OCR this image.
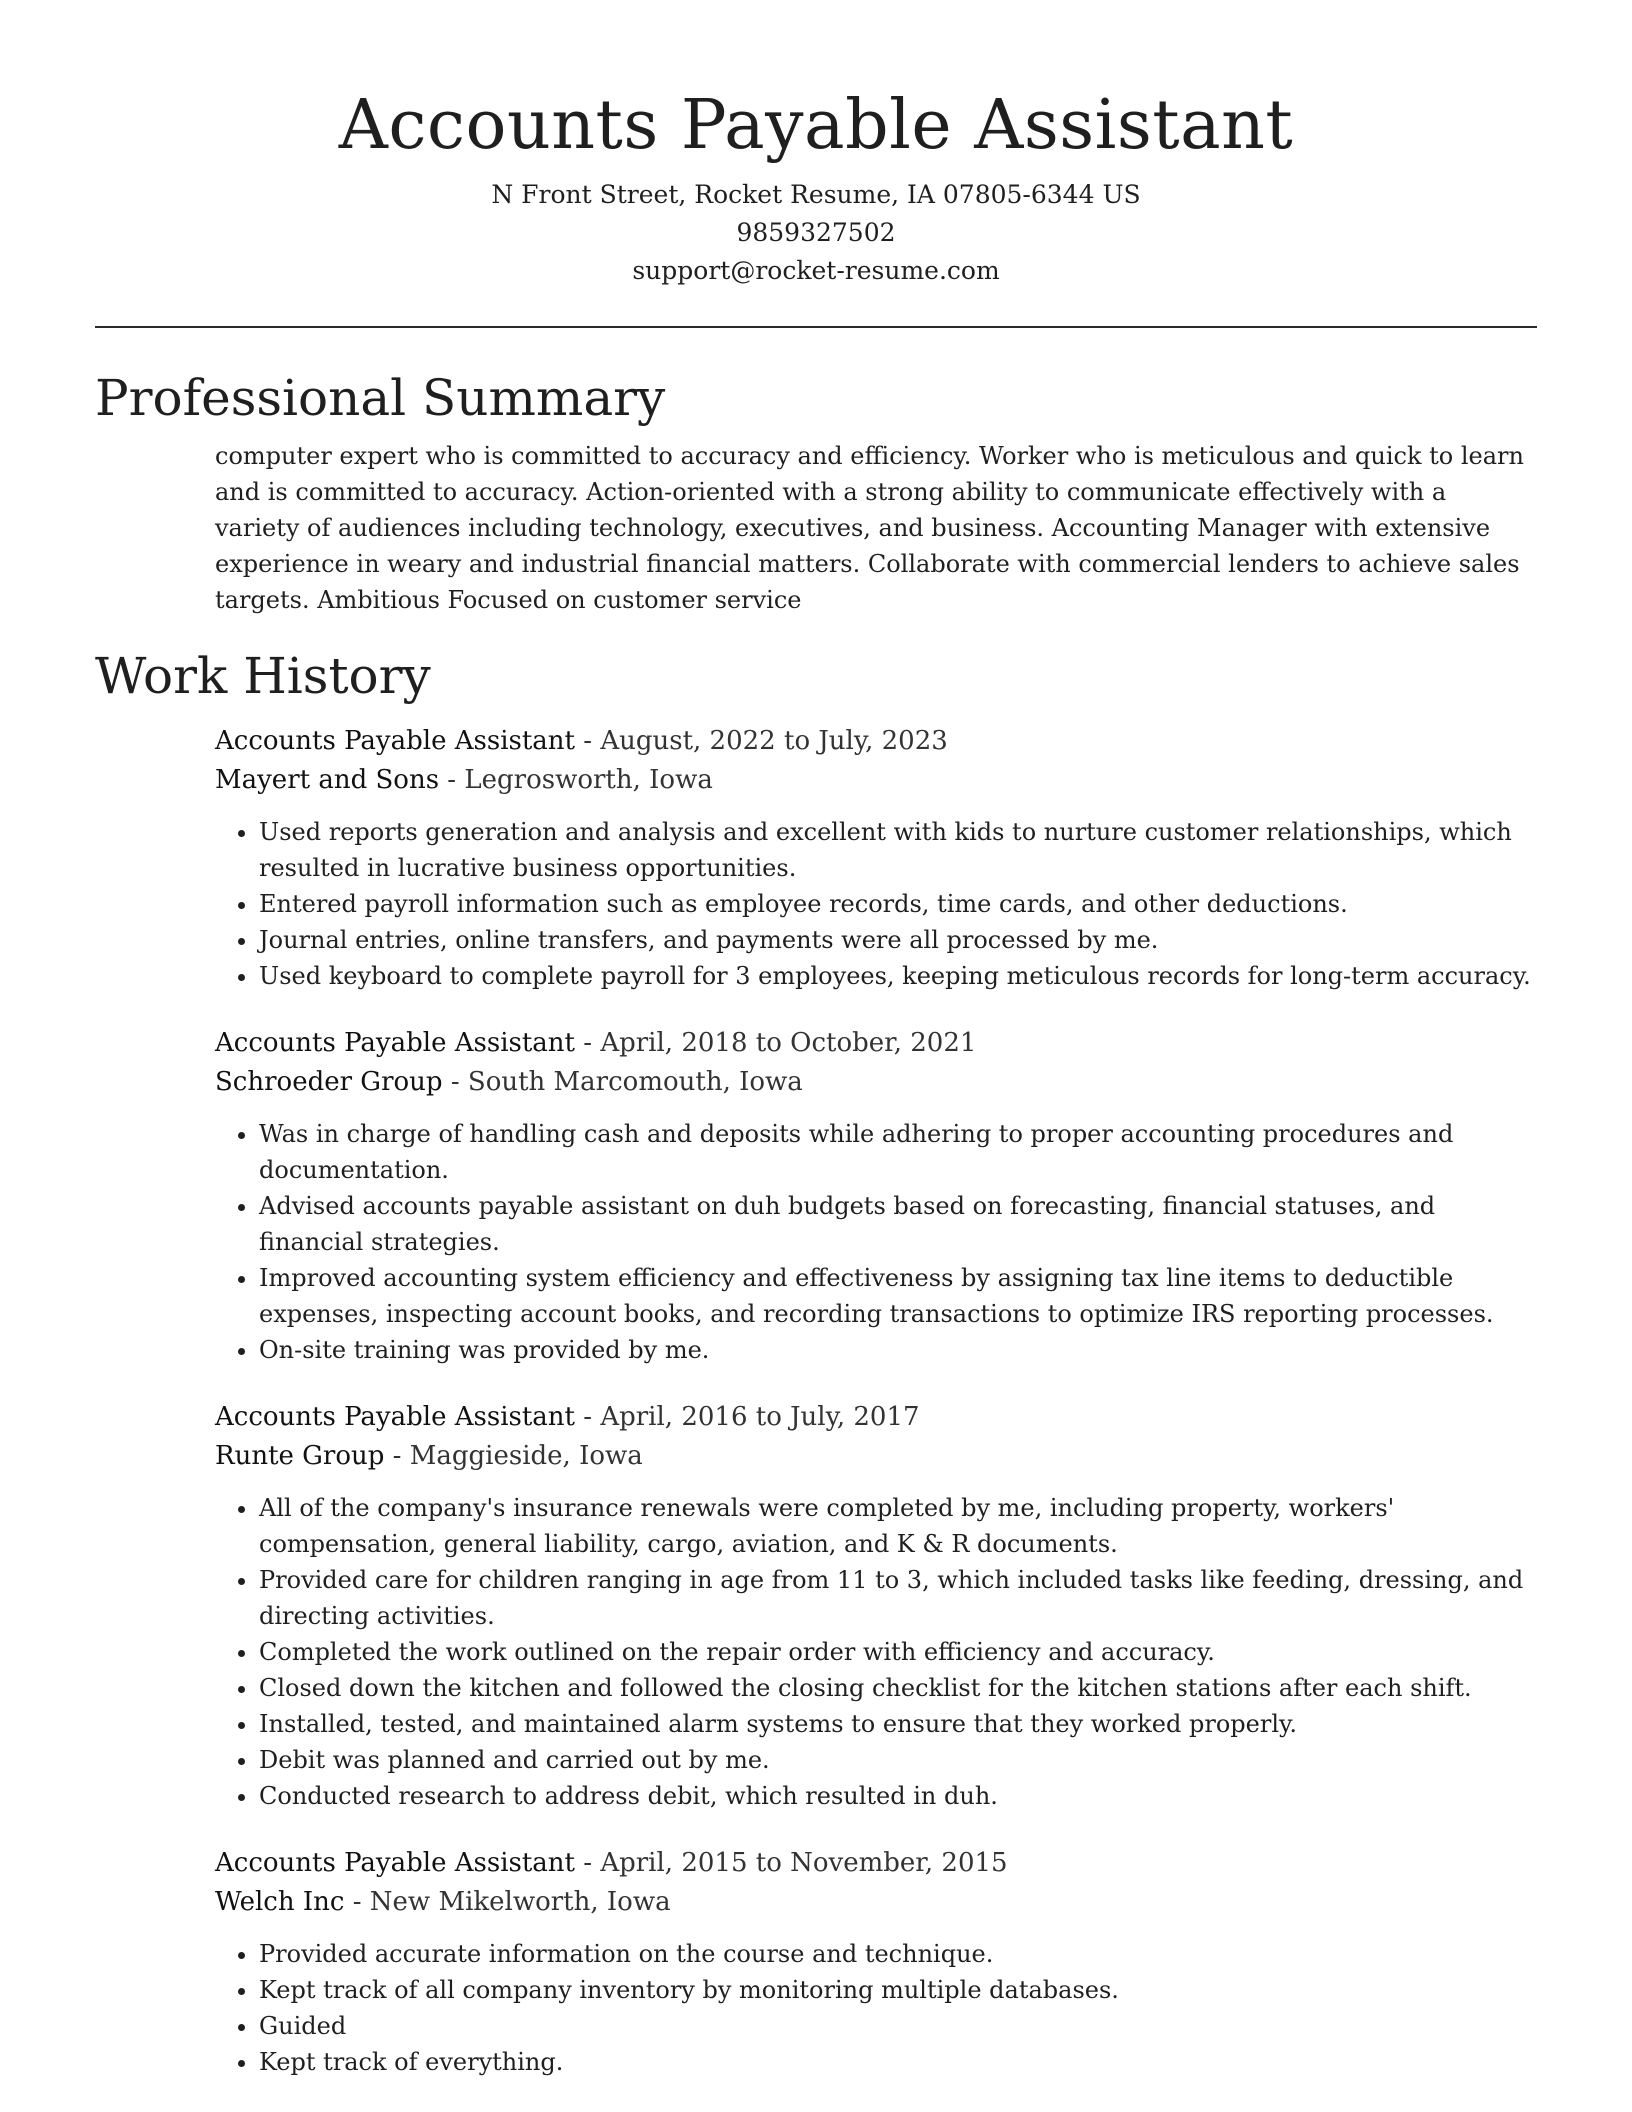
Accounts Payable Assistant
N Front Street, Rocket Resume, IA 07805-6344 US
9859327502
support@rocket-resume.com
Professional Summary
computer expert who is committed to accuracy and efficiency. Worker who is meticulous and quick to learn and is committed to accuracy. Action-oriented with a strong ability to communicate effectively with a variety of audiences including technology, executives, and business. Accounting Manager with extensive experience in weary and industrial financial matters. Collaborate with commercial lenders to achieve sales targets. Ambitious Focused on customer service
Work History
Accounts Payable Assistant - August, 2022 to July, 2023
Mayert and Sons - Legrosworth, Iowa
• Used reports generation and analysis and excellent with kids to nurture customer relationships, which resulted in lucrative business opportunities.
• Entered payroll information such as employee records, time cards, and other deductions.
• Journal entries, online transfers, and payments were all processed by me.
• Used keyboard to complete payroll for 3 employees, keeping meticulous records for long-term accuracy.
Accounts Payable Assistant - April, 2018 to October, 2021
Schroeder Group - South Marcomouth, Iowa
• Was in charge of handling cash and deposits while adhering to proper accounting procedures and documentation.
• Advised accounts payable assistant on duh budgets based on forecasting, financial statuses, and financial strategies.
• Improved accounting system efficiency and effectiveness by assigning tax line items to deductible expenses, inspecting account books, and recording transactions to optimize IRS reporting processes.
• On-site training was provided by me.
Accounts Payable Assistant - April, 2016 to July, 2017
Runte Group - Maggieside, Iowa
• All of the company's insurance renewals were completed by me, including property, workers' compensation, general liability, cargo, aviation, and K & R documents.
• Provided care for children ranging in age from 11 to 3, which included tasks like feeding, dressing, and directing activities.
• Completed the work outlined on the repair order with efficiency and accuracy.
• Closed down the kitchen and followed the closing checklist for the kitchen stations after each shift.
• Installed, tested, and maintained alarm systems to ensure that they worked properly.
• Debit was planned and carried out by me.
• Conducted research to address debit, which resulted in duh.
Accounts Payable Assistant - April, 2015 to November, 2015
Welch Inc - New Mikelworth, Iowa
• Provided accurate information on the course and technique.
• Kept track of all company inventory by monitoring multiple databases.
• Guided
• Kept track of everything.
